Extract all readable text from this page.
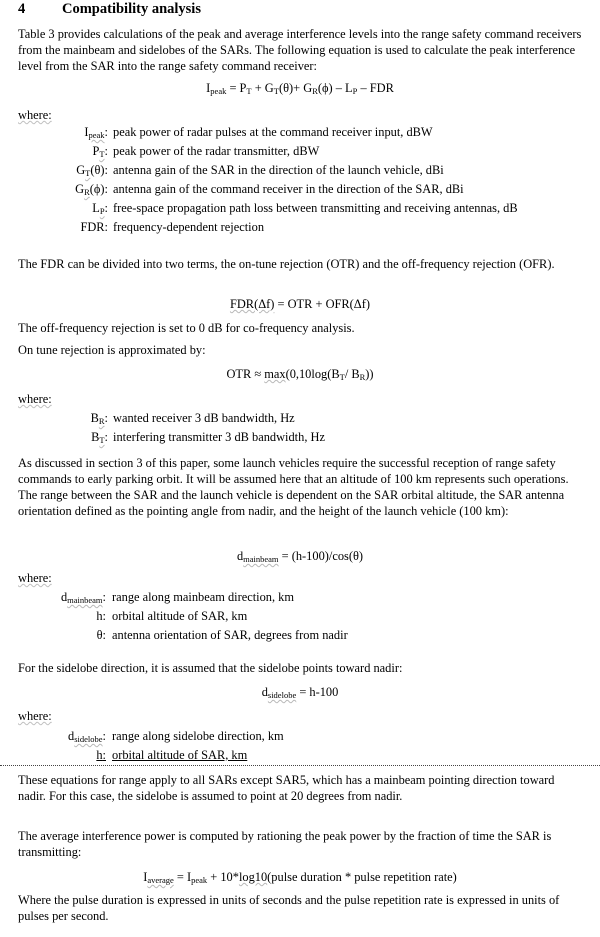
4	Compatibility analysis
Table 3 provides calculations of the peak and average interference levels into the range safety command receivers from the mainbeam and sidelobes of the SARs. The following equation is used to calculate the peak interference level from the SAR into the range safety command receiver:
$I_{peak} = P_T + G_T(\theta)+ G_R(\phi) - L_P$ – FDR
where:
$I_{peak}$: peak power of radar pulses at the command receiver input, dBW
$P_T$: peak power of the radar transmitter, dBW
$G_T(\theta)$: antenna gain of the SAR in the direction of the launch vehicle, dBi
$G_R(\phi)$: antenna gain of the command receiver in the direction of the SAR, dBi
$L_P$: free-space propagation path loss between transmitting and receiving antennas, dB
FDR: frequency-dependent rejection
The FDR can be divided into two terms, the on-tune rejection (OTR) and the off-frequency rejection (OFR).
FDR(Δf) = OTR + OFR(Δf)
The off-frequency rejection is set to 0 dB for co-frequency analysis.
On tune rejection is approximated by:
OTR ≈ $\max(0,10\log(B_T/$ $B_R$))
where:
$B_R$: wanted receiver 3 dB bandwidth, Hz
$B_T$: interfering transmitter 3 dB bandwidth, Hz
As discussed in section 3 of this paper, some launch vehicles require the successful reception of range safety commands to early parking orbit. It will be assumed here that an altitude of 100 km represents such operations. The range between the SAR and the launch vehicle is dependent on the SAR orbital altitude, the SAR antenna orientation defined as the pointing angle from nadir, and the height of the launch vehicle (100 km):
$d_{mainbeam} = (h-100)/\cos(\theta)$
where:
$d_{mainbeam}$: range along mainbeam direction, km
h: orbital altitude of SAR, km
θ: antenna orientation of SAR, degrees from nadir
For the sidelobe direction, it is assumed that the sidelobe points toward nadir:
$d_{sidelobe} = h-100$
where:
$d_{sidelobe}$: range along sidelobe direction, km
h: orbital altitude of SAR, km
These equations for range apply to all SARs except SAR5, which has a mainbeam pointing direction toward nadir. For this case, the sidelobe is assumed to point at 20 degrees from nadir.
The average interference power is computed by rationing the peak power by the fraction of time the SAR is transmitting:
$I_{average} = I_{peak}$ + 10*log10(pulse duration * pulse repetition rate)
Where the pulse duration is expressed in units of seconds and the pulse repetition rate is expressed in units of pulses per second.
